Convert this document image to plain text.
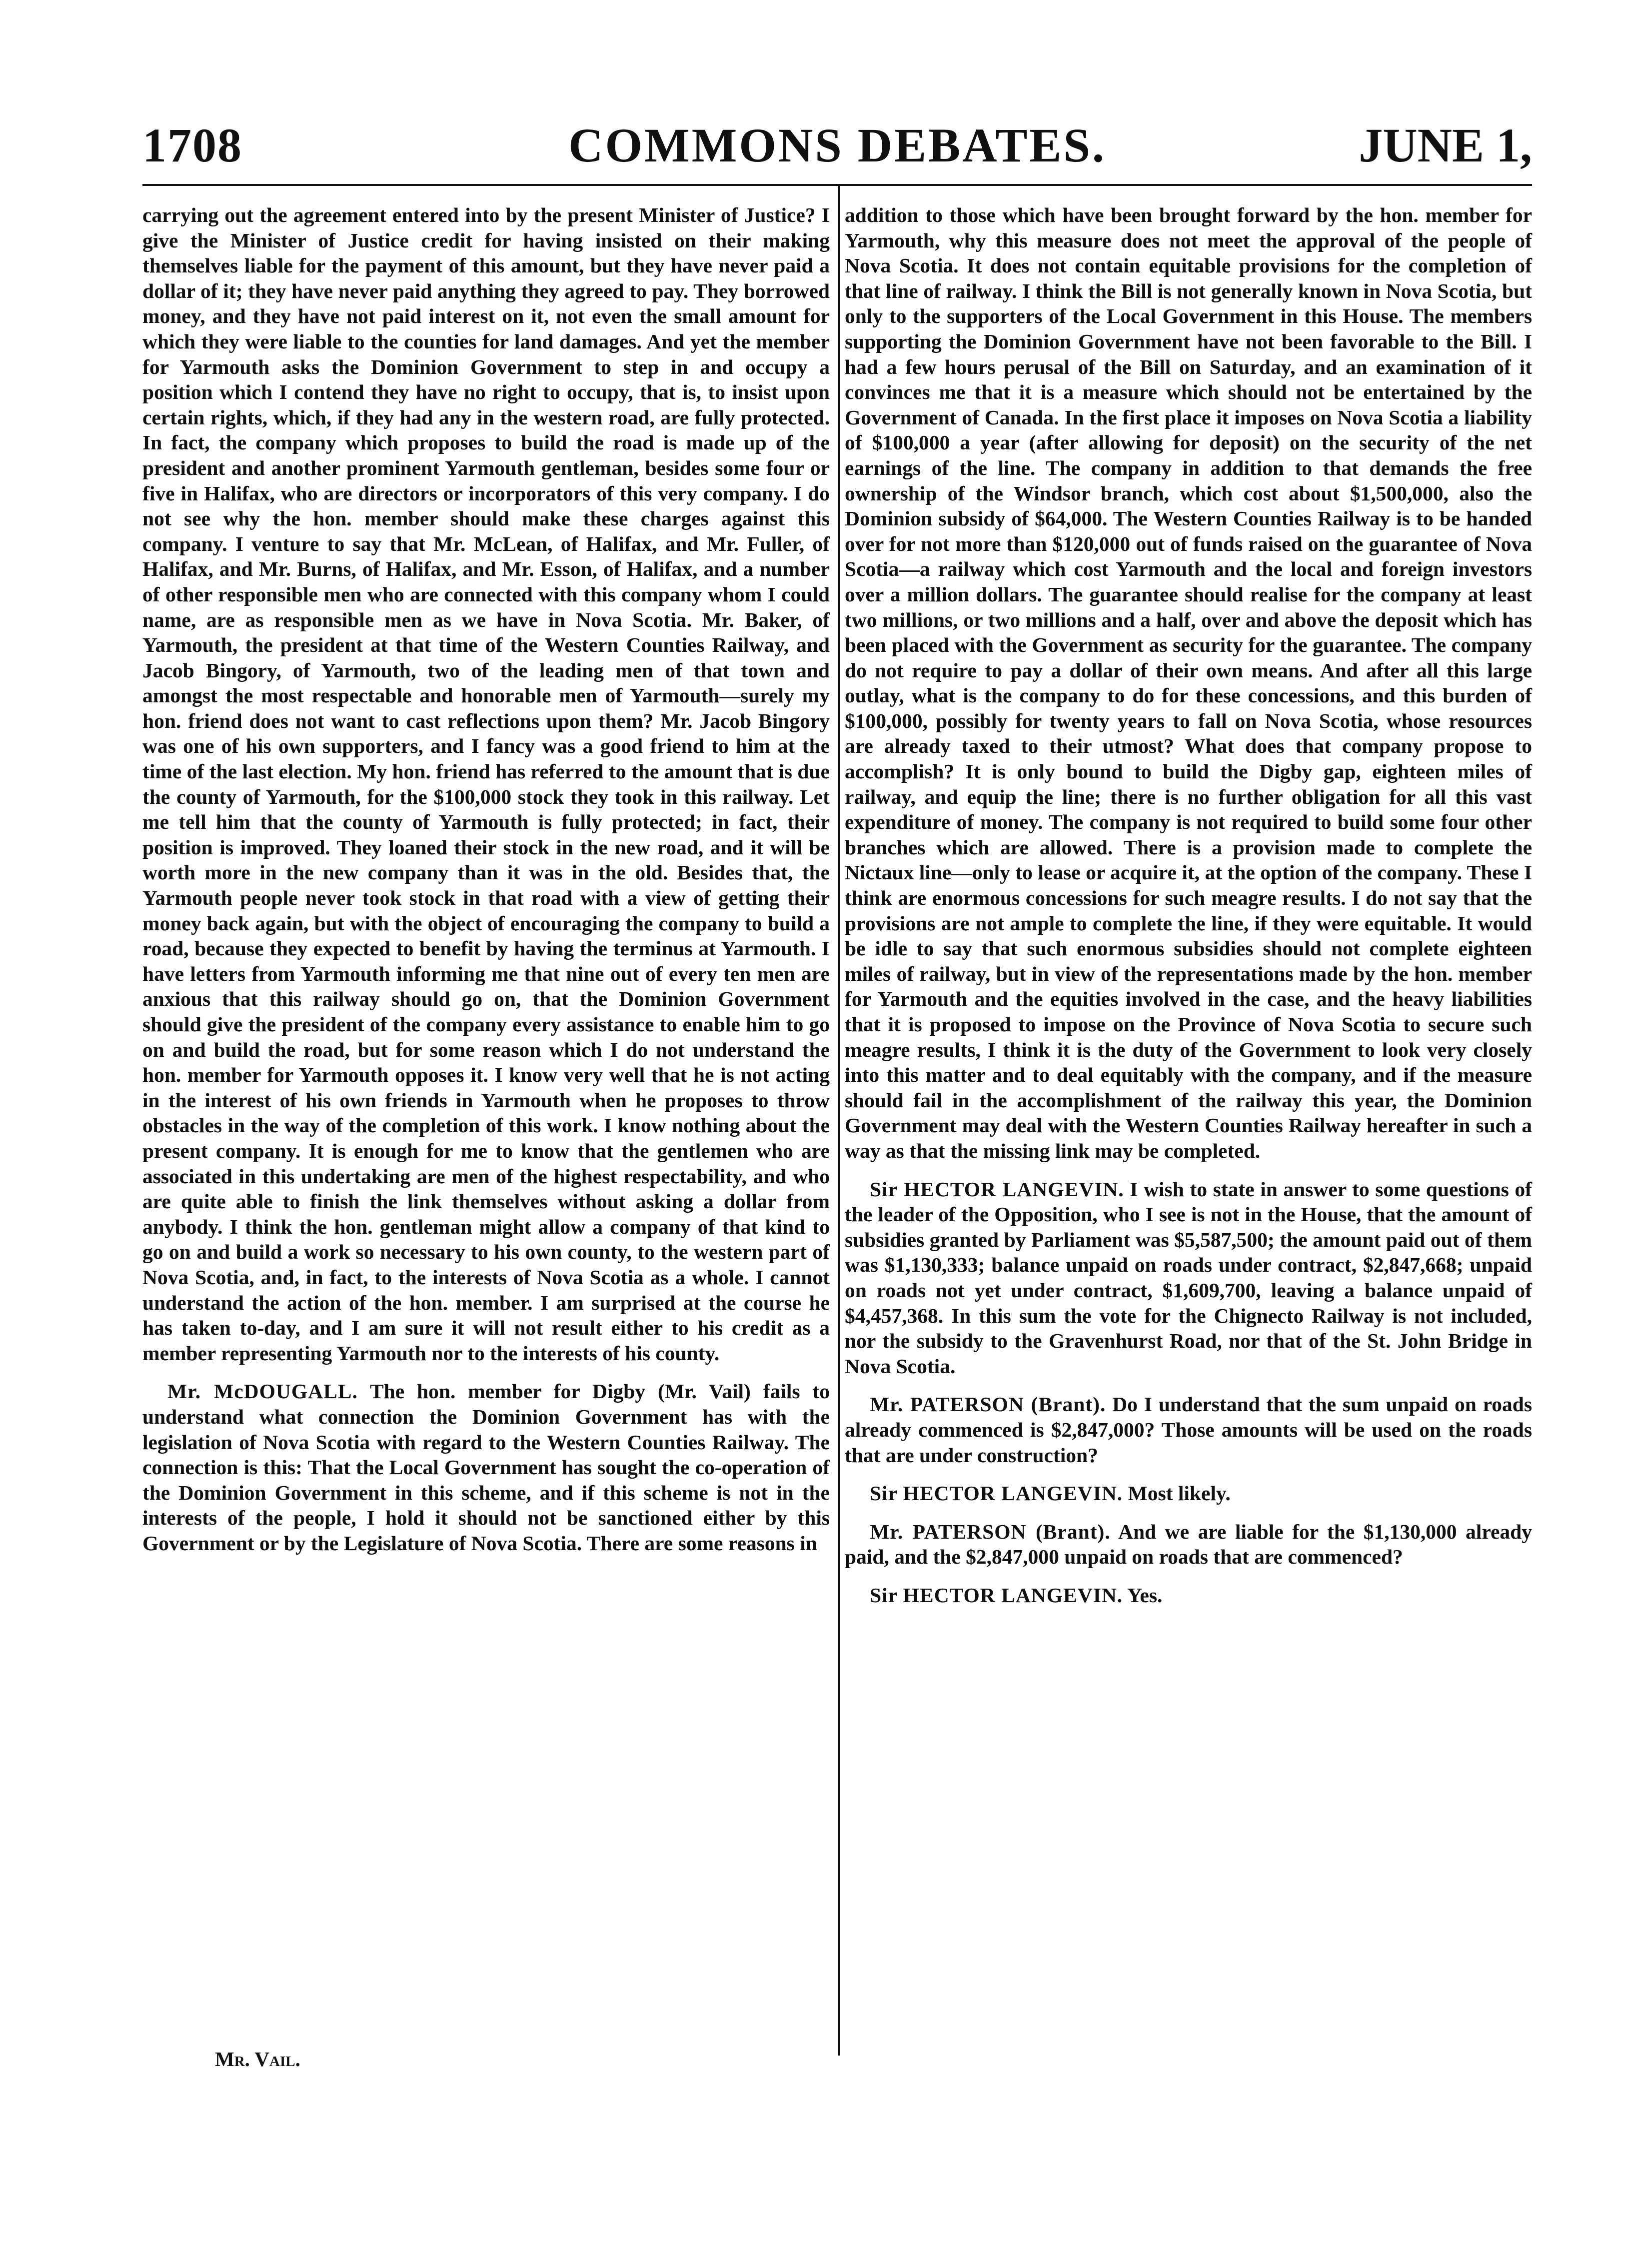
1708	COMMONS DEBATES.	JUNE 1,

carrying out the agreement entered into by the present Minister of Justice? I give the Minister of Justice credit for having insisted on their making themselves liable for the payment of this amount, but they have never paid a dollar of it; they have never paid anything they agreed to pay. They borrowed money, and they have not paid interest on it, not even the small amount for which they were liable to the counties for land damages. And yet the member for Yarmouth asks the Dominion Government to step in and occupy a position which I contend they have no right to occupy, that is, to insist upon certain rights, which, if they had any in the western road, are fully protected. In fact, the company which proposes to build the road is made up of the president and another prominent Yarmouth gentleman, besides some four or five in Halifax, who are directors or incorporators of this very company. I do not see why the hon. member should make these charges against this company. I venture to say that Mr. McLean, of Halifax, and Mr. Fuller, of Halifax, and Mr. Burns, of Halifax, and Mr. Esson, of Halifax, and a number of other responsible men who are connected with this company whom I could name, are as responsible men as we have in Nova Scotia. Mr. Baker, of Yarmouth, the president at that time of the Western Counties Railway, and Jacob Bingory, of Yarmouth, two of the leading men of that town and amongst the most respectable and honorable men of Yarmouth—surely my hon. friend does not want to cast reflections upon them? Mr. Jacob Bingory was one of his own supporters, and I fancy was a good friend to him at the time of the last election. My hon. friend has referred to the amount that is due the county of Yarmouth, for the $100,000 stock they took in this railway. Let me tell him that the county of Yarmouth is fully protected; in fact, their position is improved. They loaned their stock in the new road, and it will be worth more in the new company than it was in the old. Besides that, the Yarmouth people never took stock in that road with a view of getting their money back again, but with the object of encouraging the company to build a road, because they expected to benefit by having the terminus at Yarmouth. I have letters from Yarmouth informing me that nine out of every ten men are anxious that this railway should go on, that the Dominion Government should give the president of the company every assistance to enable him to go on and build the road, but for some reason which I do not understand the hon. member for Yarmouth opposes it. I know very well that he is not acting in the interest of his own friends in Yarmouth when he proposes to throw obstacles in the way of the completion of this work. I know nothing about the present company. It is enough for me to know that the gentlemen who are associated in this undertaking are men of the highest respectability, and who are quite able to finish the link themselves without asking a dollar from anybody. I think the hon. gentleman might allow a company of that kind to go on and build a work so necessary to his own county, to the western part of Nova Scotia, and, in fact, to the interests of Nova Scotia as a whole. I cannot understand the action of the hon. member. I am surprised at the course he has taken to-day, and I am sure it will not result either to his credit as a member representing Yarmouth nor to the interests of his county.

Mr. McDOUGALL. The hon. member for Digby (Mr. Vail) fails to understand what connection the Dominion Government has with the legislation of Nova Scotia with regard to the Western Counties Railway. The connection is this: That the Local Government has sought the co-operation of the Dominion Government in this scheme, and if this scheme is not in the interests of the people, I hold it should not be sanctioned either by this Government or by the Legislature of Nova Scotia. There are some reasons in

addition to those which have been brought forward by the hon. member for Yarmouth, why this measure does not meet the approval of the people of Nova Scotia. It does not contain equitable provisions for the completion of that line of railway. I think the Bill is not generally known in Nova Scotia, but only to the supporters of the Local Government in this House. The members supporting the Dominion Government have not been favorable to the Bill. I had a few hours perusal of the Bill on Saturday, and an examination of it convinces me that it is a measure which should not be entertained by the Government of Canada. In the first place it imposes on Nova Scotia a liability of $100,000 a year (after allowing for deposit) on the security of the net earnings of the line. The company in addition to that demands the free ownership of the Windsor branch, which cost about $1,500,000, also the Dominion subsidy of $64,000. The Western Counties Railway is to be handed over for not more than $120,000 out of funds raised on the guarantee of Nova Scotia—a railway which cost Yarmouth and the local and foreign investors over a million dollars. The guarantee should realise for the company at least two millions, or two millions and a half, over and above the deposit which has been placed with the Government as security for the guarantee. The company do not require to pay a dollar of their own means. And after all this large outlay, what is the company to do for these concessions, and this burden of $100,000, possibly for twenty years to fall on Nova Scotia, whose resources are already taxed to their utmost? What does that company propose to accomplish? It is only bound to build the Digby gap, eighteen miles of railway, and equip the line; there is no further obligation for all this vast expenditure of money. The company is not required to build some four other branches which are allowed. There is a provision made to complete the Nictaux line—only to lease or acquire it, at the option of the company. These I think are enormous concessions for such meagre results. I do not say that the provisions are not ample to complete the line, if they were equitable. It would be idle to say that such enormous subsidies should not complete eighteen miles of railway, but in view of the representations made by the hon. member for Yarmouth and the equities involved in the case, and the heavy liabilities that it is proposed to impose on the Province of Nova Scotia to secure such meagre results, I think it is the duty of the Government to look very closely into this matter and to deal equitably with the company, and if the measure should fail in the accomplishment of the railway this year, the Dominion Government may deal with the Western Counties Railway hereafter in such a way as that the missing link may be completed.

Sir HECTOR LANGEVIN. I wish to state in answer to some questions of the leader of the Opposition, who I see is not in the House, that the amount of subsidies granted by Parliament was $5,587,500; the amount paid out of them was $1,130,333; balance unpaid on roads under contract, $2,847,668; unpaid on roads not yet under contract, $1,609,700, leaving a balance unpaid of $4,457,368. In this sum the vote for the Chignecto Railway is not included, nor the subsidy to the Gravenhurst Road, nor that of the St. John Bridge in Nova Scotia.

Mr. PATERSON (Brant). Do I understand that the sum unpaid on roads already commenced is $2,847,000? Those amounts will be used on the roads that are under construction?

Sir HECTOR LANGEVIN. Most likely.

Mr. PATERSON (Brant). And we are liable for the $1,130,000 already paid, and the $2,847,000 unpaid on roads that are commenced?

Sir HECTOR LANGEVIN. Yes.

Mr. Vail.
